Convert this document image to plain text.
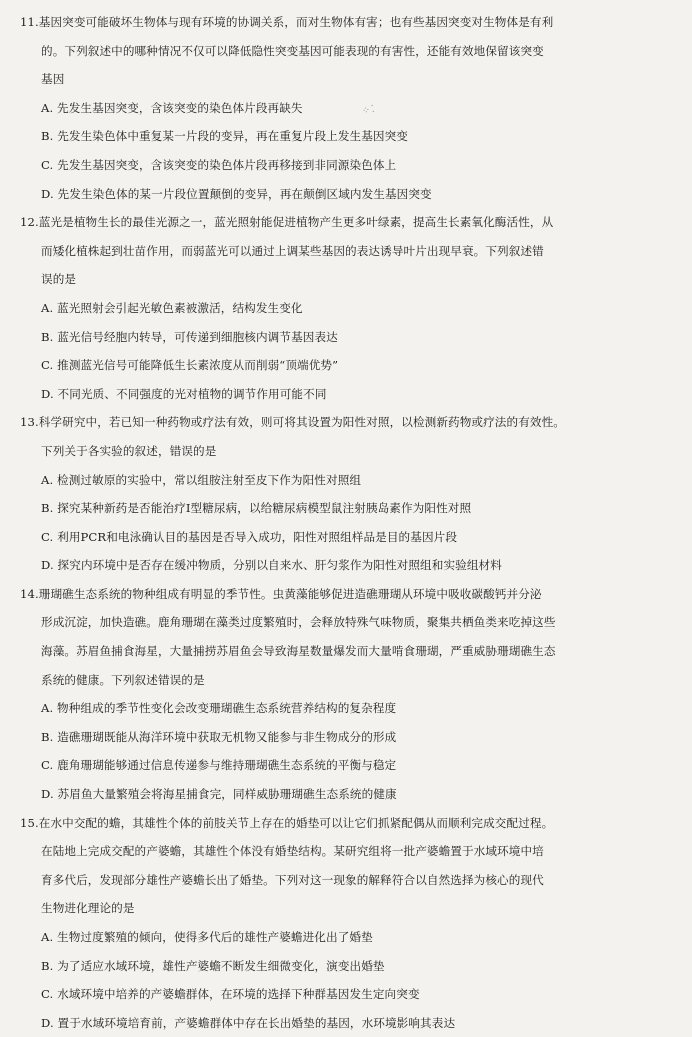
⁘⁚
11.基因突变可能破坏生物体与现有环境的协调关系，而对生物体有害；也有些基因突变对生物体是有利
的。下列叙述中的哪种情况不仅可以降低隐性突变基因可能表现的有害性，还能有效地保留该突变
基因
A. 先发生基因突变，含该突变的染色体片段再缺失
B. 先发生染色体中重复某一片段的变异，再在重复片段上发生基因突变
C. 先发生基因突变，含该突变的染色体片段再移接到非同源染色体上
D. 先发生染色体的某一片段位置颠倒的变异，再在颠倒区域内发生基因突变
12.蓝光是植物生长的最佳光源之一，蓝光照射能促进植物产生更多叶绿素，提高生长素氧化酶活性，从
而矮化植株起到壮苗作用，而弱蓝光可以通过上调某些基因的表达诱导叶片出现早衰。下列叙述错
误的是
A. 蓝光照射会引起光敏色素被激活，结构发生变化
B. 蓝光信号经胞内转导，可传递到细胞核内调节基因表达
C. 推测蓝光信号可能降低生长素浓度从而削弱“顶端优势”
D. 不同光质、不同强度的光对植物的调节作用可能不同
13.科学研究中，若已知一种药物或疗法有效，则可将其设置为阳性对照，以检测新药物或疗法的有效性。
下列关于各实验的叙述，错误的是
A. 检测过敏原的实验中，常以组胺注射至皮下作为阳性对照组
B. 探究某种新药是否能治疗Ⅰ型糖尿病，以给糖尿病模型鼠注射胰岛素作为阳性对照
C. 利用PCR和电泳确认目的基因是否导入成功，阳性对照组样品是目的基因片段
D. 探究内环境中是否存在缓冲物质，分别以自来水、肝匀浆作为阳性对照组和实验组材料
14.珊瑚礁生态系统的物种组成有明显的季节性。虫黄藻能够促进造礁珊瑚从环境中吸收碳酸钙并分泌
形成沉淀，加快造礁。鹿角珊瑚在藻类过度繁殖时，会释放特殊气味物质，聚集共栖鱼类来吃掉这些
海藻。苏眉鱼捕食海星，大量捕捞苏眉鱼会导致海星数量爆发而大量啃食珊瑚，严重威胁珊瑚礁生态
系统的健康。下列叙述错误的是
A. 物种组成的季节性变化会改变珊瑚礁生态系统营养结构的复杂程度
B. 造礁珊瑚既能从海洋环境中获取无机物又能参与非生物成分的形成
C. 鹿角珊瑚能够通过信息传递参与维持珊瑚礁生态系统的平衡与稳定
D. 苏眉鱼大量繁殖会将海星捕食完，同样威胁珊瑚礁生态系统的健康
15.在水中交配的蟾，其雄性个体的前肢关节上存在的婚垫可以让它们抓紧配偶从而顺利完成交配过程。
在陆地上完成交配的产婆蟾，其雄性个体没有婚垫结构。某研究组将一批产婆蟾置于水域环境中培
育多代后，发现部分雄性产婆蟾长出了婚垫。下列对这一现象的解释符合以自然选择为核心的现代
生物进化理论的是
A. 生物过度繁殖的倾向，使得多代后的雄性产婆蟾进化出了婚垫
B. 为了适应水域环境，雄性产婆蟾不断发生细微变化，演变出婚垫
C. 水域环境中培养的产婆蟾群体，在环境的选择下种群基因发生定向突变
D. 置于水域环境培育前，产婆蟾群体中存在长出婚垫的基因，水环境影响其表达
